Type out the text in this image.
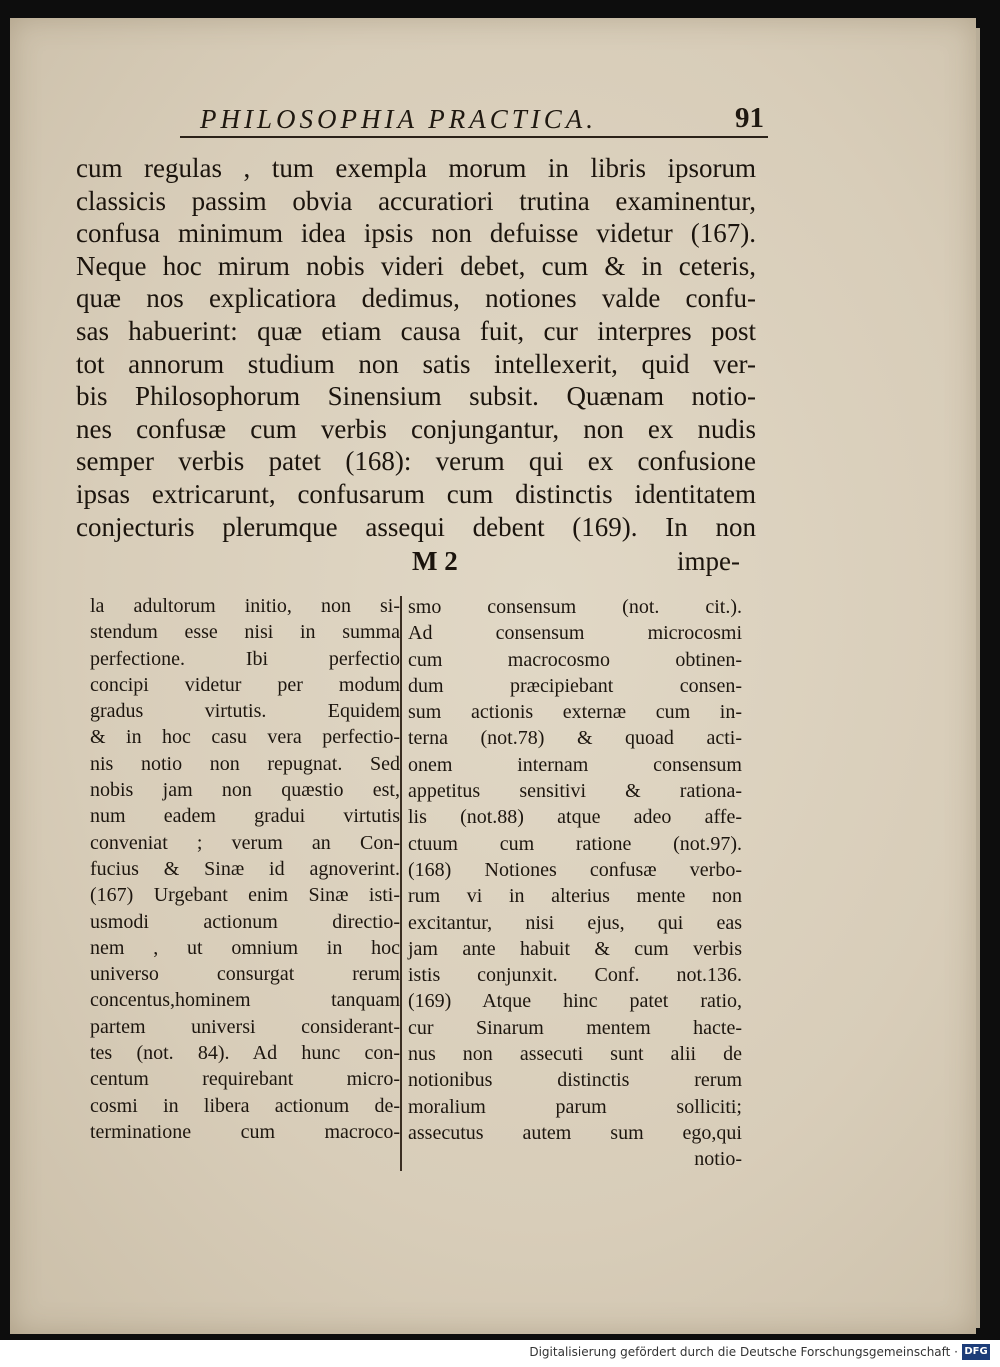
PHILOSOPHIA PRACTICA.	91
cum regulas , tum exempla morum in libris ipsorum
classicis passim obvia accuratiori trutina examinentur,
confusa minimum idea ipsis non defuisse videtur (167).
Neque hoc mirum nobis videri debet, cum & in ceteris,
quæ nos explicatiora dedimus, notiones valde confu-
sas habuerint: quæ etiam causa fuit, cur interpres post
tot annorum studium non satis intellexerit, quid ver-
bis Philosophorum Sinensium subsit. Quænam notio-
nes confusæ cum verbis conjungantur, non ex nudis
semper verbis patet (168): verum qui ex confusione
ipsas extricarunt, confusarum cum distinctis identitatem
conjecturis plerumque assequi debent (169). In non
M 2	impe-
la adultorum initio, non si-
stendum esse nisi in summa
perfectione. Ibi perfectio
concipi videtur per modum
gradus virtutis. Equidem
& in hoc casu vera perfectio-
nis notio non repugnat. Sed
nobis jam non quæstio est,
num eadem gradui virtutis
conveniat ; verum an Con-
fucius & Sinæ id agnoverint.
(167) Urgebant enim Sinæ isti-
usmodi actionum directio-
nem , ut omnium in hoc
universo consurgat rerum
concentus,hominem tanquam
partem universi considerant-
tes (not. 84). Ad hunc con-
centum requirebant micro-
cosmi in libera actionum de-
terminatione cum macroco-
smo consensum (not. cit.).
Ad consensum microcosmi
cum macrocosmo obtinen-
dum præcipiebant consen-
sum actionis externæ cum in-
terna (not.78) & quoad acti-
onem internam consensum
appetitus sensitivi & rationa-
lis (not.88) atque adeo affe-
ctuum cum ratione (not.97).
(168) Notiones confusæ verbo-
rum vi in alterius mente non
excitantur, nisi ejus, qui eas
jam ante habuit & cum verbis
istis conjunxit. Conf. not.136.
(169) Atque hinc patet ratio,
cur Sinarum mentem hacte-
nus non assecuti sunt alii de
notionibus distinctis rerum
moralium parum solliciti;
assecutus autem sum ego,qui
notio-
Digitalisierung gefördert durch die Deutsche Forschungsgemeinschaft · DFG
